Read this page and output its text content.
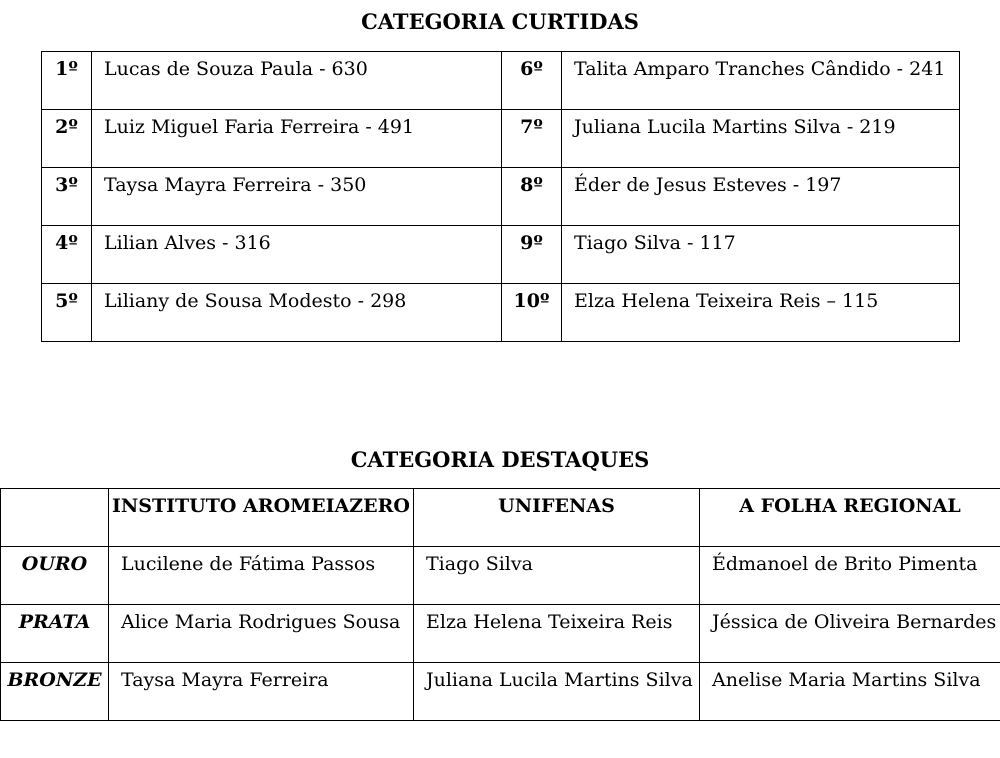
CATEGORIA CURTIDAS
1º	Lucas de Souza Paula - 630	6º	Talita Amparo Tranches Cândido - 241
2º	Luiz Miguel Faria Ferreira - 491	7º	Juliana Lucila Martins Silva - 219
3º	Taysa Mayra Ferreira - 350	8º	Éder de Jesus Esteves - 197
4º	Lilian Alves - 316	9º	Tiago Silva - 117
5º	Liliany de Sousa Modesto - 298	10º	Elza Helena Teixeira Reis – 115
CATEGORIA DESTAQUES
	INSTITUTO AROMEIAZERO	UNIFENAS	A FOLHA REGIONAL
OURO	Lucilene de Fátima Passos	Tiago Silva	Édmanoel de Brito Pimenta
PRATA	Alice Maria Rodrigues Sousa	Elza Helena Teixeira Reis	Jéssica de Oliveira Bernardes
BRONZE	Taysa Mayra Ferreira	Juliana Lucila Martins Silva	Anelise Maria Martins Silva
